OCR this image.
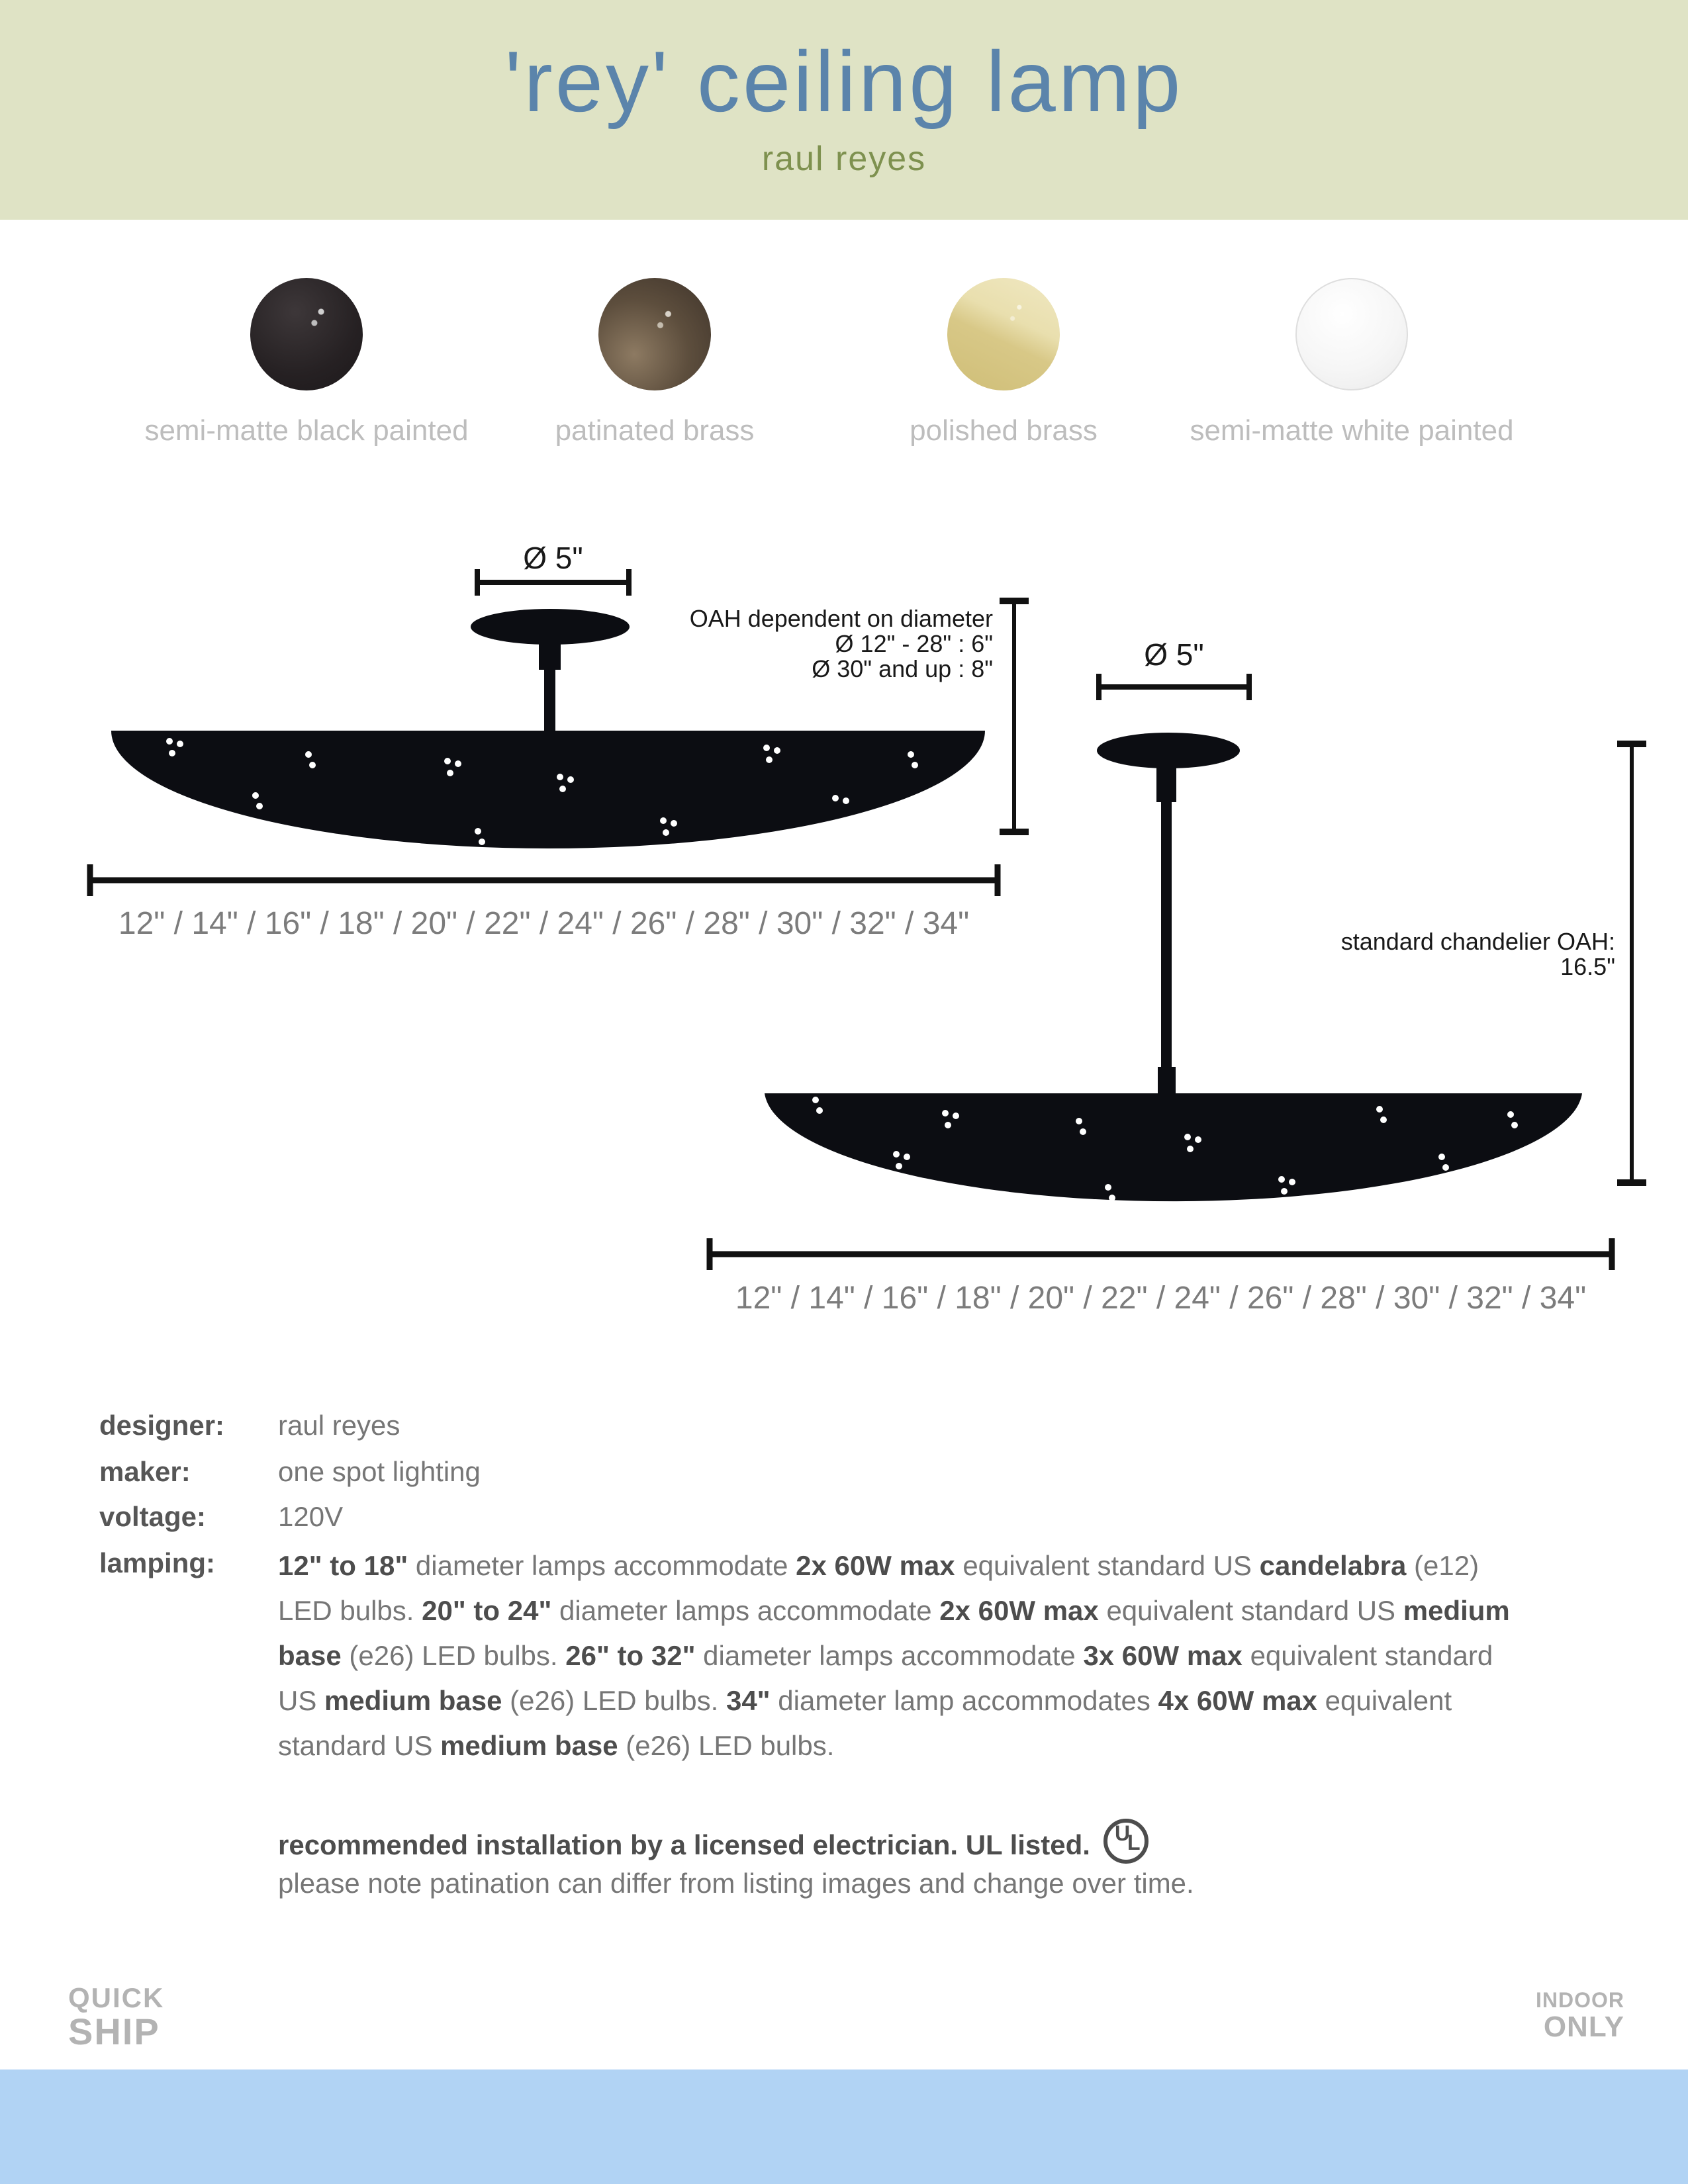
'rey' ceiling lamp
raul reyes
semi-matte black painted	patinated brass	polished brass	semi-matte white painted
Ø 5"
OAH dependent on diameter
Ø 12" - 28" : 6"
Ø 30" and up : 8"
12" / 14" / 16" / 18" / 20" / 22" / 24" / 26" / 28" / 30" / 32" / 34"
Ø 5"
standard chandelier OAH:
16.5"
12" / 14" / 16" / 18" / 20" / 22" / 24" / 26" / 28" / 30" / 32" / 34"
designer: raul reyes
maker:	one spot lighting
voltage:	120V
lamping: 12" to 18" diameter lamps accommodate 2x 60W max equivalent standard US candelabra (e12) LED bulbs. 20" to 24" diameter lamps accommodate 2x 60W max equivalent standard US medium base (e26) LED bulbs. 26" to 32" diameter lamps accommodate 3x 60W max equivalent standard US medium base (e26) LED bulbs. 34" diameter lamp accommodates 4x 60W max equivalent standard US medium base (e26) LED bulbs.
recommended installation by a licensed electrician. UL listed. U
L
please note patination can differ from listing images and change over time.
QUICK
SHIP
INDOOR
ONLY
